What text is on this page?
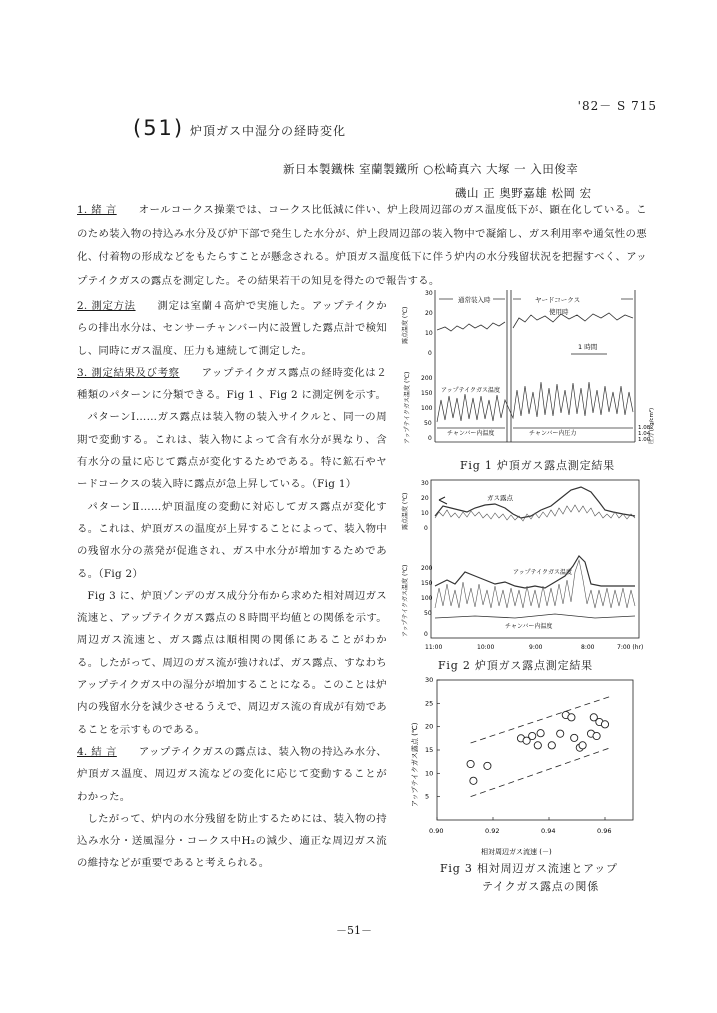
'82－ S 715
(51) 炉頂ガス中湿分の経時変化
新日本製鐵株 室蘭製鐵所 ○松崎真六 大塚 一 入田俊幸
磯山 正 奥野嘉雄 松岡 宏

1. 緒 言 オールコークス操業では、コークス比低減に伴い、炉上段周辺部のガス温度低下が、顕在化している。このため装入物の持込み水分及び炉下部で発生した水分が、炉上段周辺部の装入物中で凝縮し、ガス利用率や通気性の悪化、付着物の形成などをもたらすことが懸念される。炉頂ガス温度低下に伴う炉内の水分残留状況を把握すべく、アップテイクガスの露点を測定した。その結果若干の知見を得たので報告する。

2. 測定方法 測定は室蘭４高炉で実施した。アップテイクからの排出水分は、センサーチャンバー内に設置した露点計で検知し、同時にガス温度、圧力も連続して測定した。

3. 測定結果及び考察 アップテイクガス露点の経時変化は２種類のパターンに分類できる。Fig 1 、Fig 2 に測定例を示す。

パターンⅠ……ガス露点は装入物の装入サイクルと、同一の周期で変動する。これは、装入物によって含有水分が異なり、含有水分の量に応じて露点が変化するためである。特に鉱石やヤードコークスの装入時に露点が急上昇している。（Fig 1）

パターンⅡ……炉頂温度の変動に対応してガス露点が変化する。これは、炉頂ガスの温度が上昇することによって、装入物中の残留水分の蒸発が促進され、ガス中水分が増加するためである。（Fig 2）

Fig 3 に、炉頂ゾンデのガス成分分布から求めた相対周辺ガス流速と、アップテイクガス露点の８時間平均値との関係を示す。周辺ガス流速と、ガス露点は順相関の関係にあることがわかる。したがって、周辺のガス流が強ければ、ガス露点、すなわちアップテイクガス中の湿分が増加することになる。このことは炉内の残留水分を減少させるうえで、周辺ガス流の育成が有効であることを示すものである。

4. 結 言 アップテイクガスの露点は、装入物の持込み水分、炉頂ガス温度、周辺ガス流などの変化に応じて変動することがわかった。

したがって、炉内の水分残留を防止するためには、装入物の持込み水分・送風湿分・コークス中H₂の減少、適正な周辺ガス流の維持などが重要であると考えられる。

通常装入時	ヤードコークス
使用時
1 時間
30
20
10
0
露点温度 (℃)
200
150
100
50
0
アップテイクガス温度 (℃)	アップテイクガス温度
チャンバー内温度	チャンバー内圧力
1.08
1.04
1.00
圧力 (kg/cm²)
Fig 1 炉頂ガス露点測定結果
30
20
10
0
露点温度 (℃)	ガス露点
200
150
100
50
0
アップテイクガス温度 (℃)	アップテイクガス温度
チャンバー内温度
11:00	10:00	9:00	8:00	7:00 (hr)
Fig 2 炉頂ガス露点測定結果
アップテイクガス露点 (℃)
相対周辺ガス流速 (－)
5
10
15
20
25
30
0.90	0.92	0.94	0.96
Fig 3 相対周辺ガス流速とアップ
テイクガス露点の関係
－51－
